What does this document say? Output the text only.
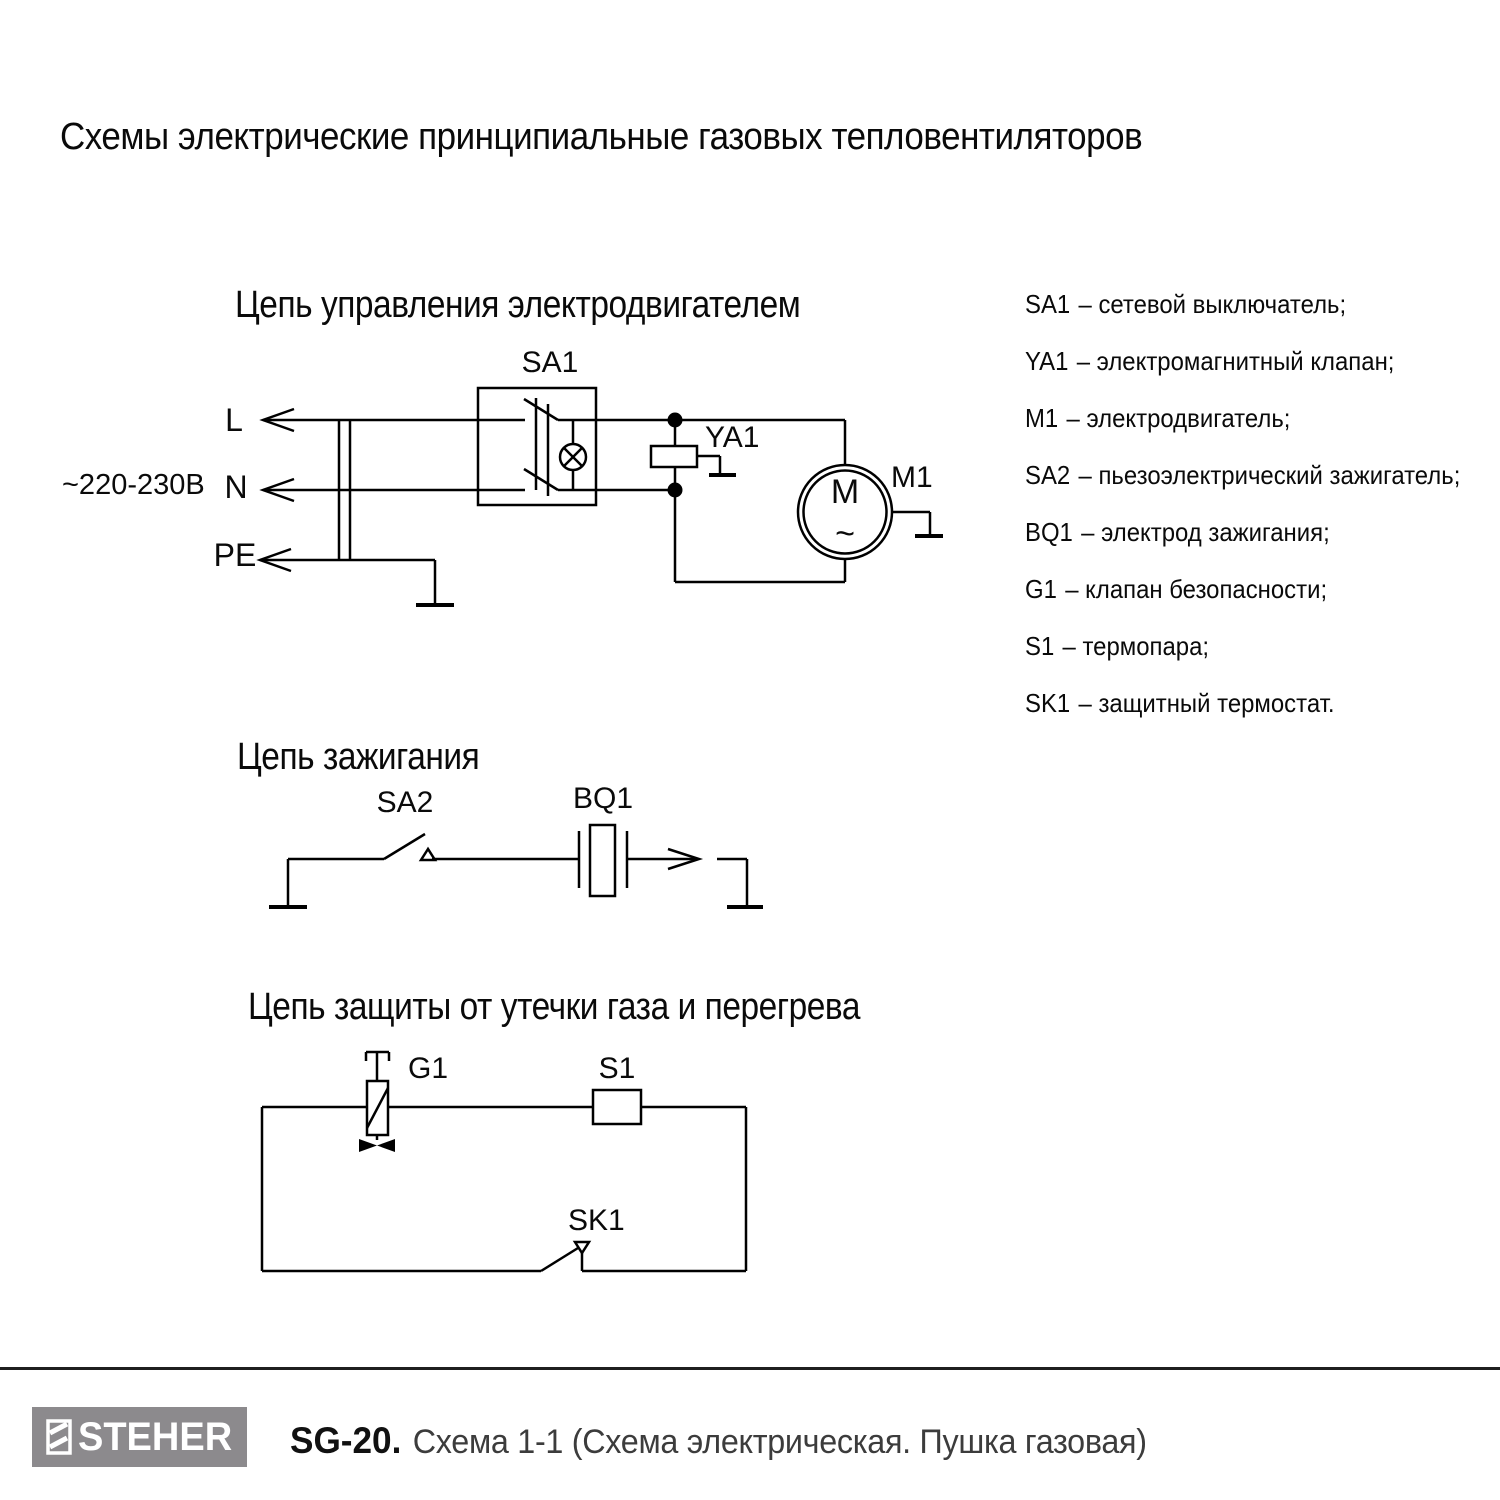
Схемы электрические принципиальные газовых тепловентиляторов
Цепь управления электродвигателем
Цепь зажигания
Цепь защиты от утечки газа и перегрева
~220-230В
L
N
PE
SA1
YA1
M
~
M1
SA2	BQ1
G1	S1
SK1
SA1 – сетевой выключатель;
YA1 – электромагнитный клапан;
M1 – электродвигатель;
SA2 – пьезоэлектрический зажигатель;
BQ1 – электрод зажигания;
G1 – клапан безопасности;
S1 – термопара;
SK1 – защитный термостат.
STEHER SG-20. Схема 1-1 (Схема электрическая. Пушка газовая)
